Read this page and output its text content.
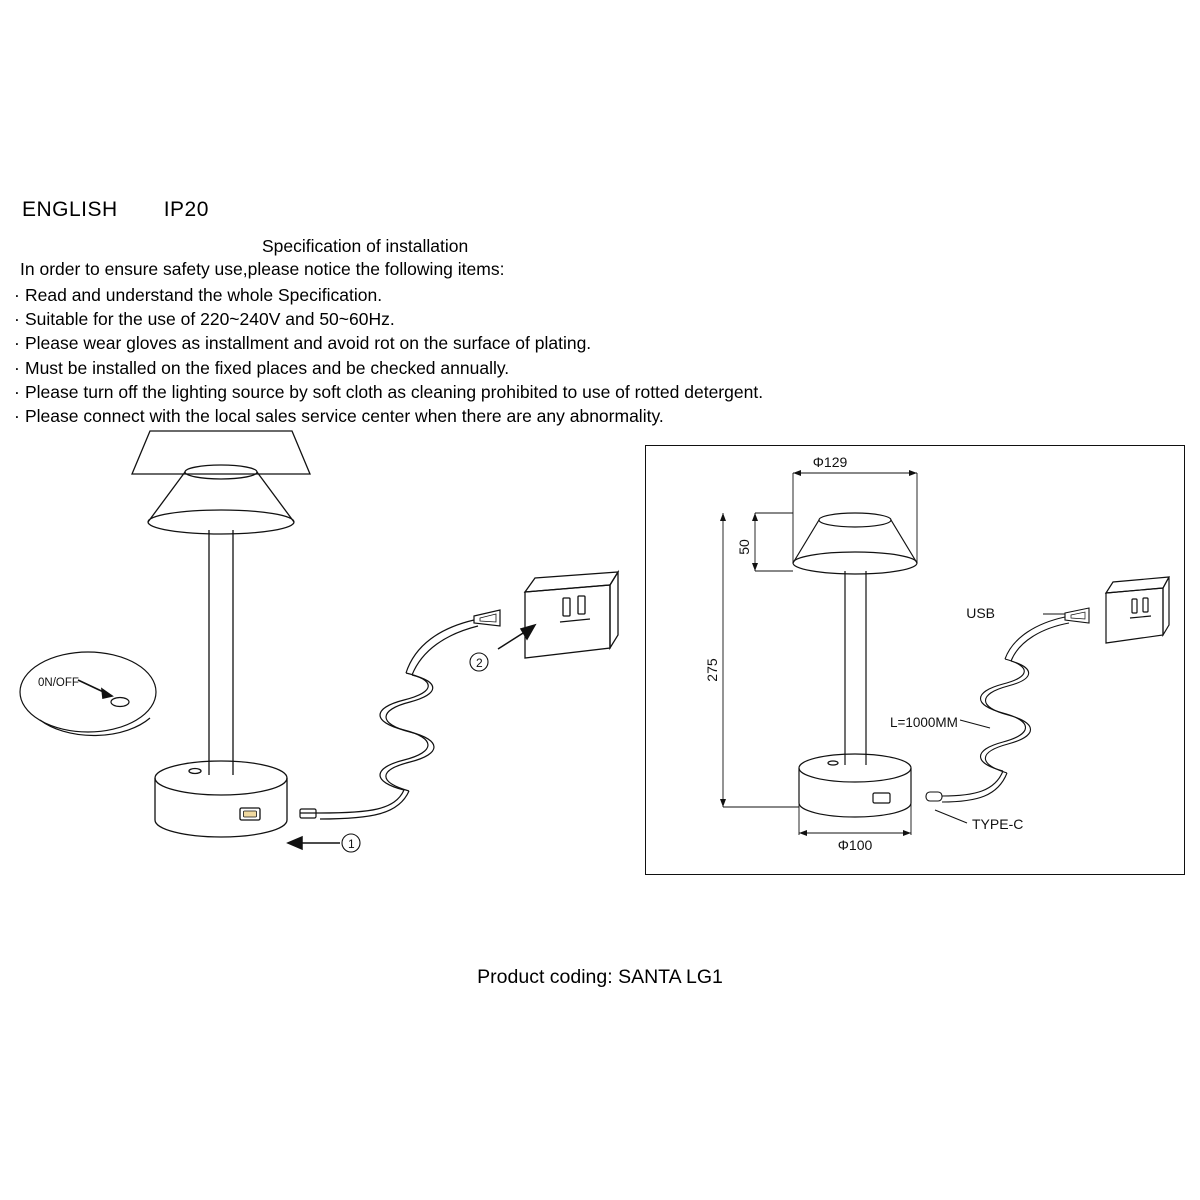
ENGLISH IP20
Specification of installation
In order to ensure safety use,please notice the following items:
· Read and understand the whole Specification.
· Suitable for the use of 220~240V and 50~60Hz.
· Please wear gloves as installment and avoid rot on the surface of plating.
· Must be installed on the fixed places and be checked annually.
· Please turn off the lighting source by soft cloth as cleaning prohibited to use of rotted detergent.
· Please connect with the local sales service center when there are any abnormality.
0N/OFF
1
2
Φ129
50
275
Φ100
USB
L=1000MM
TYPE-C
Product coding: SANTA LG1
